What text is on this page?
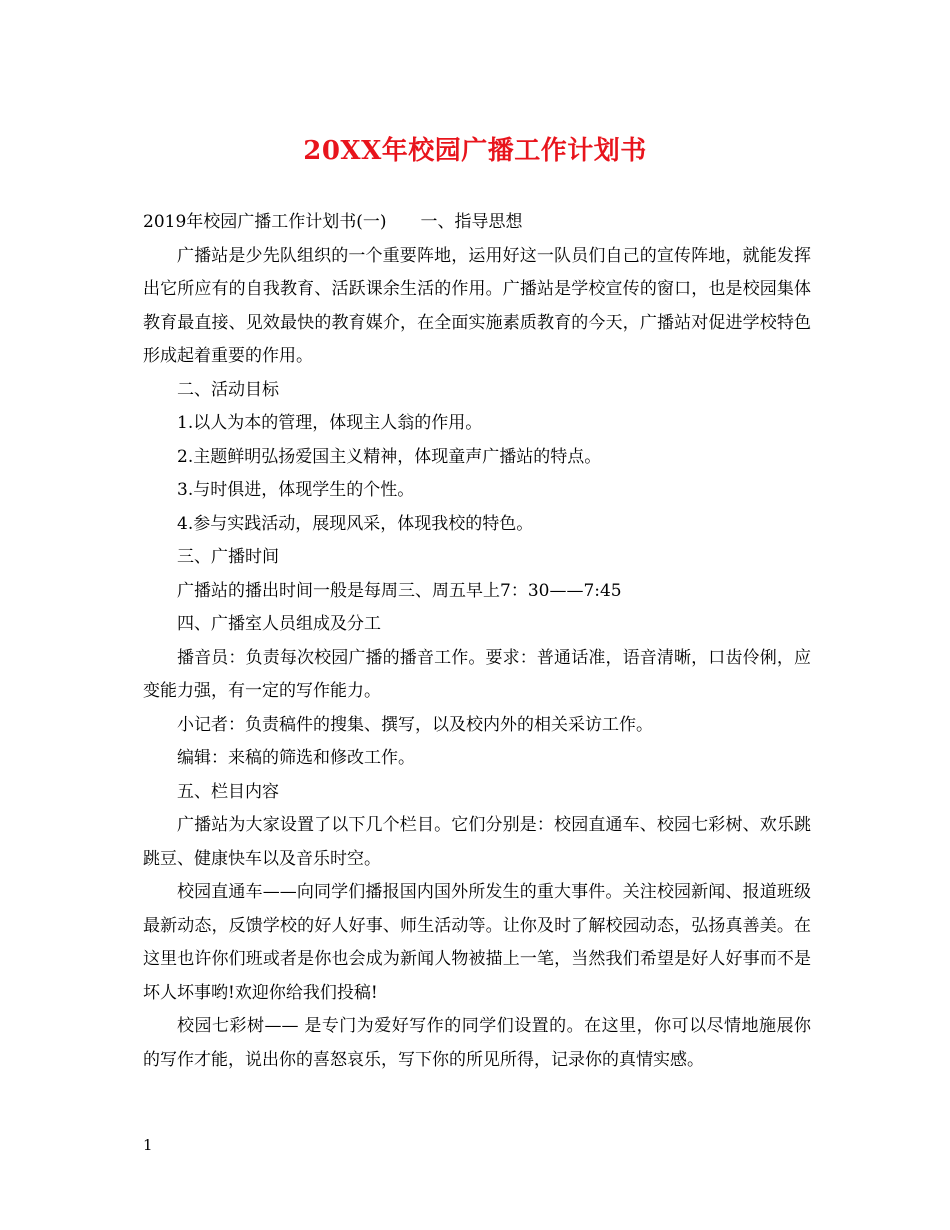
20XX年校园广播工作计划书

2019年校园广播工作计划书(一)　　一、指导思想

广播站是少先队组织的一个重要阵地，运用好这一队员们自己的宣传阵地，就能发挥出它所应有的自我教育、活跃课余生活的作用。广播站是学校宣传的窗口，也是校园集体教育最直接、见效最快的教育媒介，在全面实施素质教育的今天，广播站对促进学校特色形成起着重要的作用。

二、活动目标

1.以人为本的管理，体现主人翁的作用。

2.主题鲜明弘扬爱国主义精神，体现童声广播站的特点。

3.与时俱进，体现学生的个性。

4.参与实践活动，展现风采，体现我校的特色。

三、广播时间

广播站的播出时间一般是每周三、周五早上7：30——7:45

四、广播室人员组成及分工

播音员：负责每次校园广播的播音工作。要求：普通话准，语音清晰，口齿伶俐，应变能力强，有一定的写作能力。

小记者：负责稿件的搜集、撰写，以及校内外的相关采访工作。

编辑：来稿的筛选和修改工作。

五、栏目内容

广播站为大家设置了以下几个栏目。它们分别是：校园直通车、校园七彩树、欢乐跳跳豆、健康快车以及音乐时空。

校园直通车——向同学们播报国内国外所发生的重大事件。关注校园新闻、报道班级最新动态，反馈学校的好人好事、师生活动等。让你及时了解校园动态，弘扬真善美。在这里也许你们班或者是你也会成为新闻人物被描上一笔，当然我们希望是好人好事而不是坏人坏事哟!欢迎你给我们投稿!

校园七彩树—— 是专门为爱好写作的同学们设置的。在这里，你可以尽情地施展你的写作才能，说出你的喜怒哀乐，写下你的所见所得，记录你的真情实感。

1
